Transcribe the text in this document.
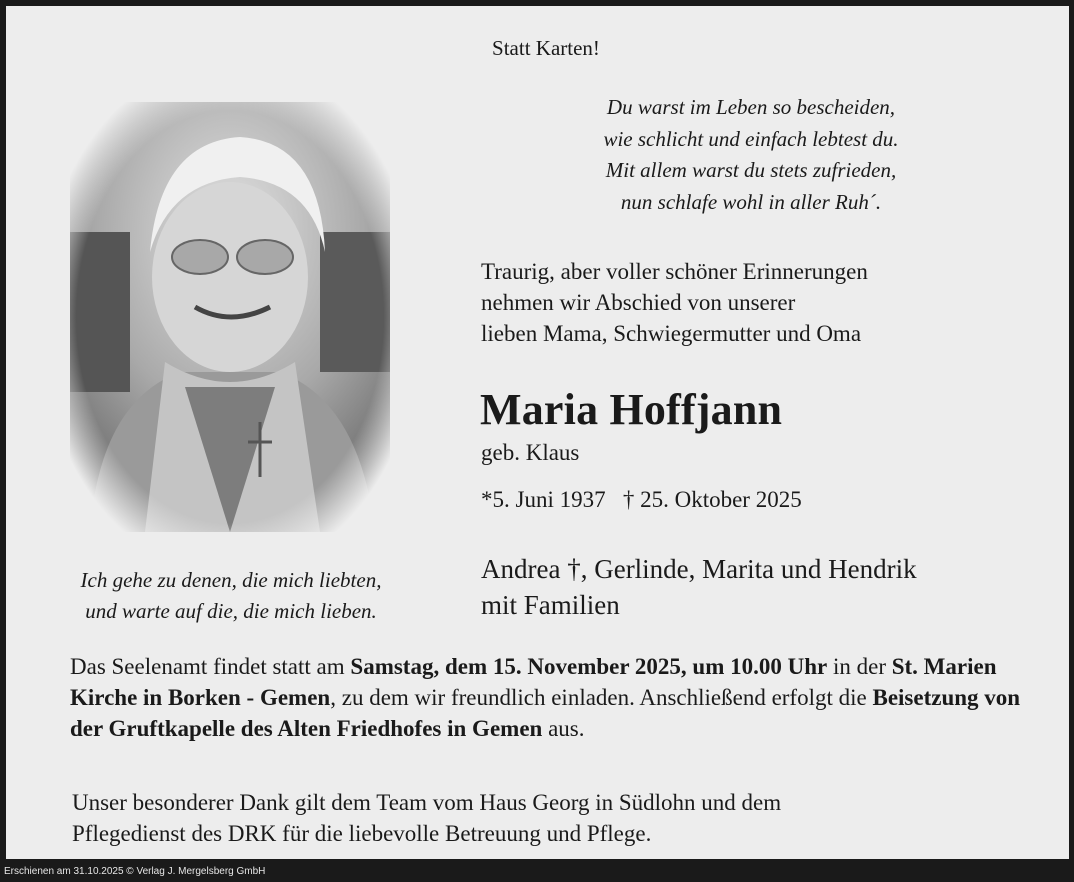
Statt Karten!
Du warst im Leben so bescheiden,
wie schlicht und einfach lebtest du.
Mit allem warst du stets zufrieden,
nun schlafe wohl in aller Ruh´.
Traurig, aber voller schöner Erinnerungen
nehmen wir Abschied von unserer
lieben Mama, Schwiegermutter und Oma
Maria Hoffjann
geb. Klaus
*5. Juni 1937   † 25. Oktober 2025
Andrea †, Gerlinde, Marita und Hendrik
mit Familien
Ich gehe zu denen, die mich liebten,
und warte auf die, die mich lieben.
Das Seelenamt findet statt am Samstag, dem 15. November 2025, um 10.00 Uhr in der St. Marien Kirche in Borken - Gemen, zu dem wir freundlich einladen. Anschließend erfolgt die Beisetzung von der Gruftkapelle des Alten Friedhofes in Gemen aus.
Unser besonderer Dank gilt dem Team vom Haus Georg in Südlohn und dem
Pflegedienst des DRK für die liebevolle Betreuung und Pflege.
Erschienen am 31.10.2025 © Verlag J. Mergelsberg GmbH
